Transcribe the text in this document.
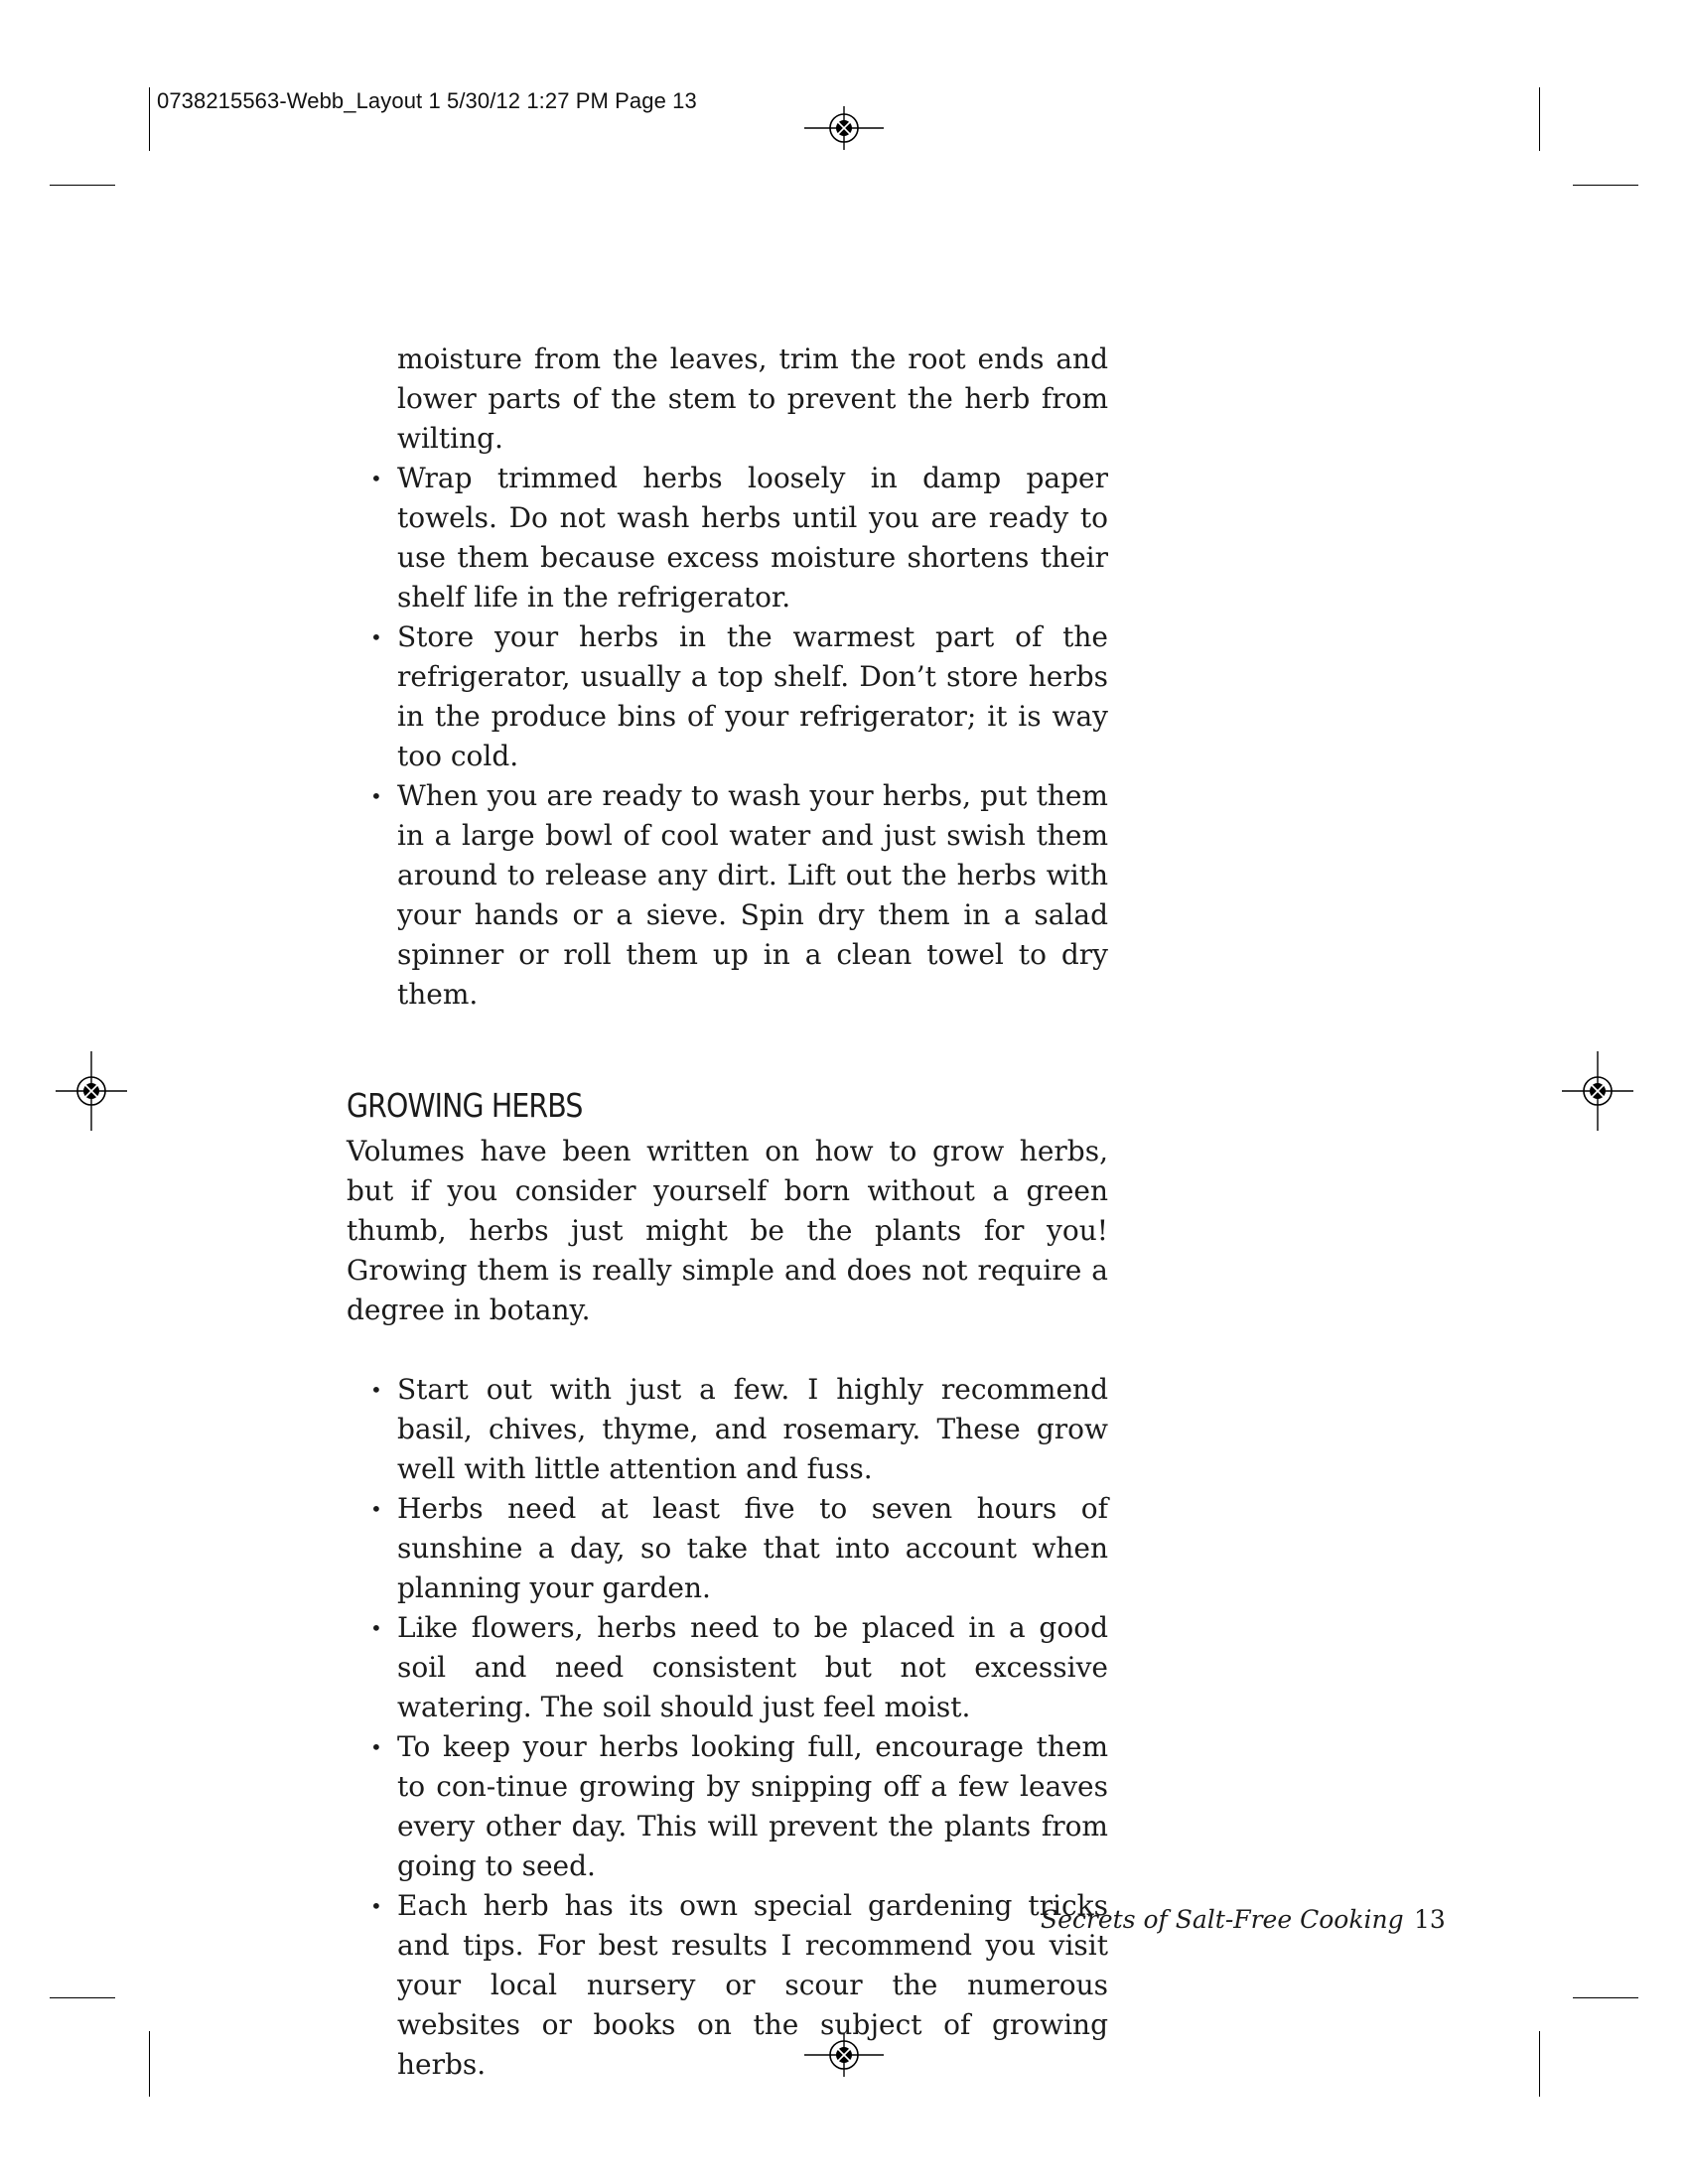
0738215563-Webb_Layout 1 5/30/12 1:27 PM Page 13

moisture from the leaves, trim the root ends and lower parts of the stem to prevent the herb from wilting.

• Wrap trimmed herbs loosely in damp paper towels. Do not wash herbs until you are ready to use them because excess moisture shortens their shelf life in the refrigerator.
• Store your herbs in the warmest part of the refrigerator, usually a top shelf. Don’t store herbs in the produce bins of your refrigerator; it is way too cold.
• When you are ready to wash your herbs, put them in a large bowl of cool water and just swish them around to release any dirt. Lift out the herbs with your hands or a sieve. Spin dry them in a salad spinner or roll them up in a clean towel to dry them.
GROWING HERBS

Volumes have been written on how to grow herbs, but if you consider yourself born without a green thumb, herbs just might be the plants for you! Growing them is really simple and does not require a degree in botany.

• Start out with just a few. I highly recommend basil, chives, thyme, and rosemary. These grow well with little attention and fuss.
• Herbs need at least five to seven hours of sunshine a day, so take that into account when planning your garden.
• Like flowers, herbs need to be placed in a good soil and need consistent but not excessive watering. The soil should just feel moist.
• To keep your herbs looking full, encourage them to con-tinue growing by snipping off a few leaves every other day. This will prevent the plants from going to seed.
• Each herb has its own special gardening tricks and tips. For best results I recommend you visit your local nursery or scour the numerous websites or books on the subject of growing herbs.
Secrets of Salt-Free Cooking 13
